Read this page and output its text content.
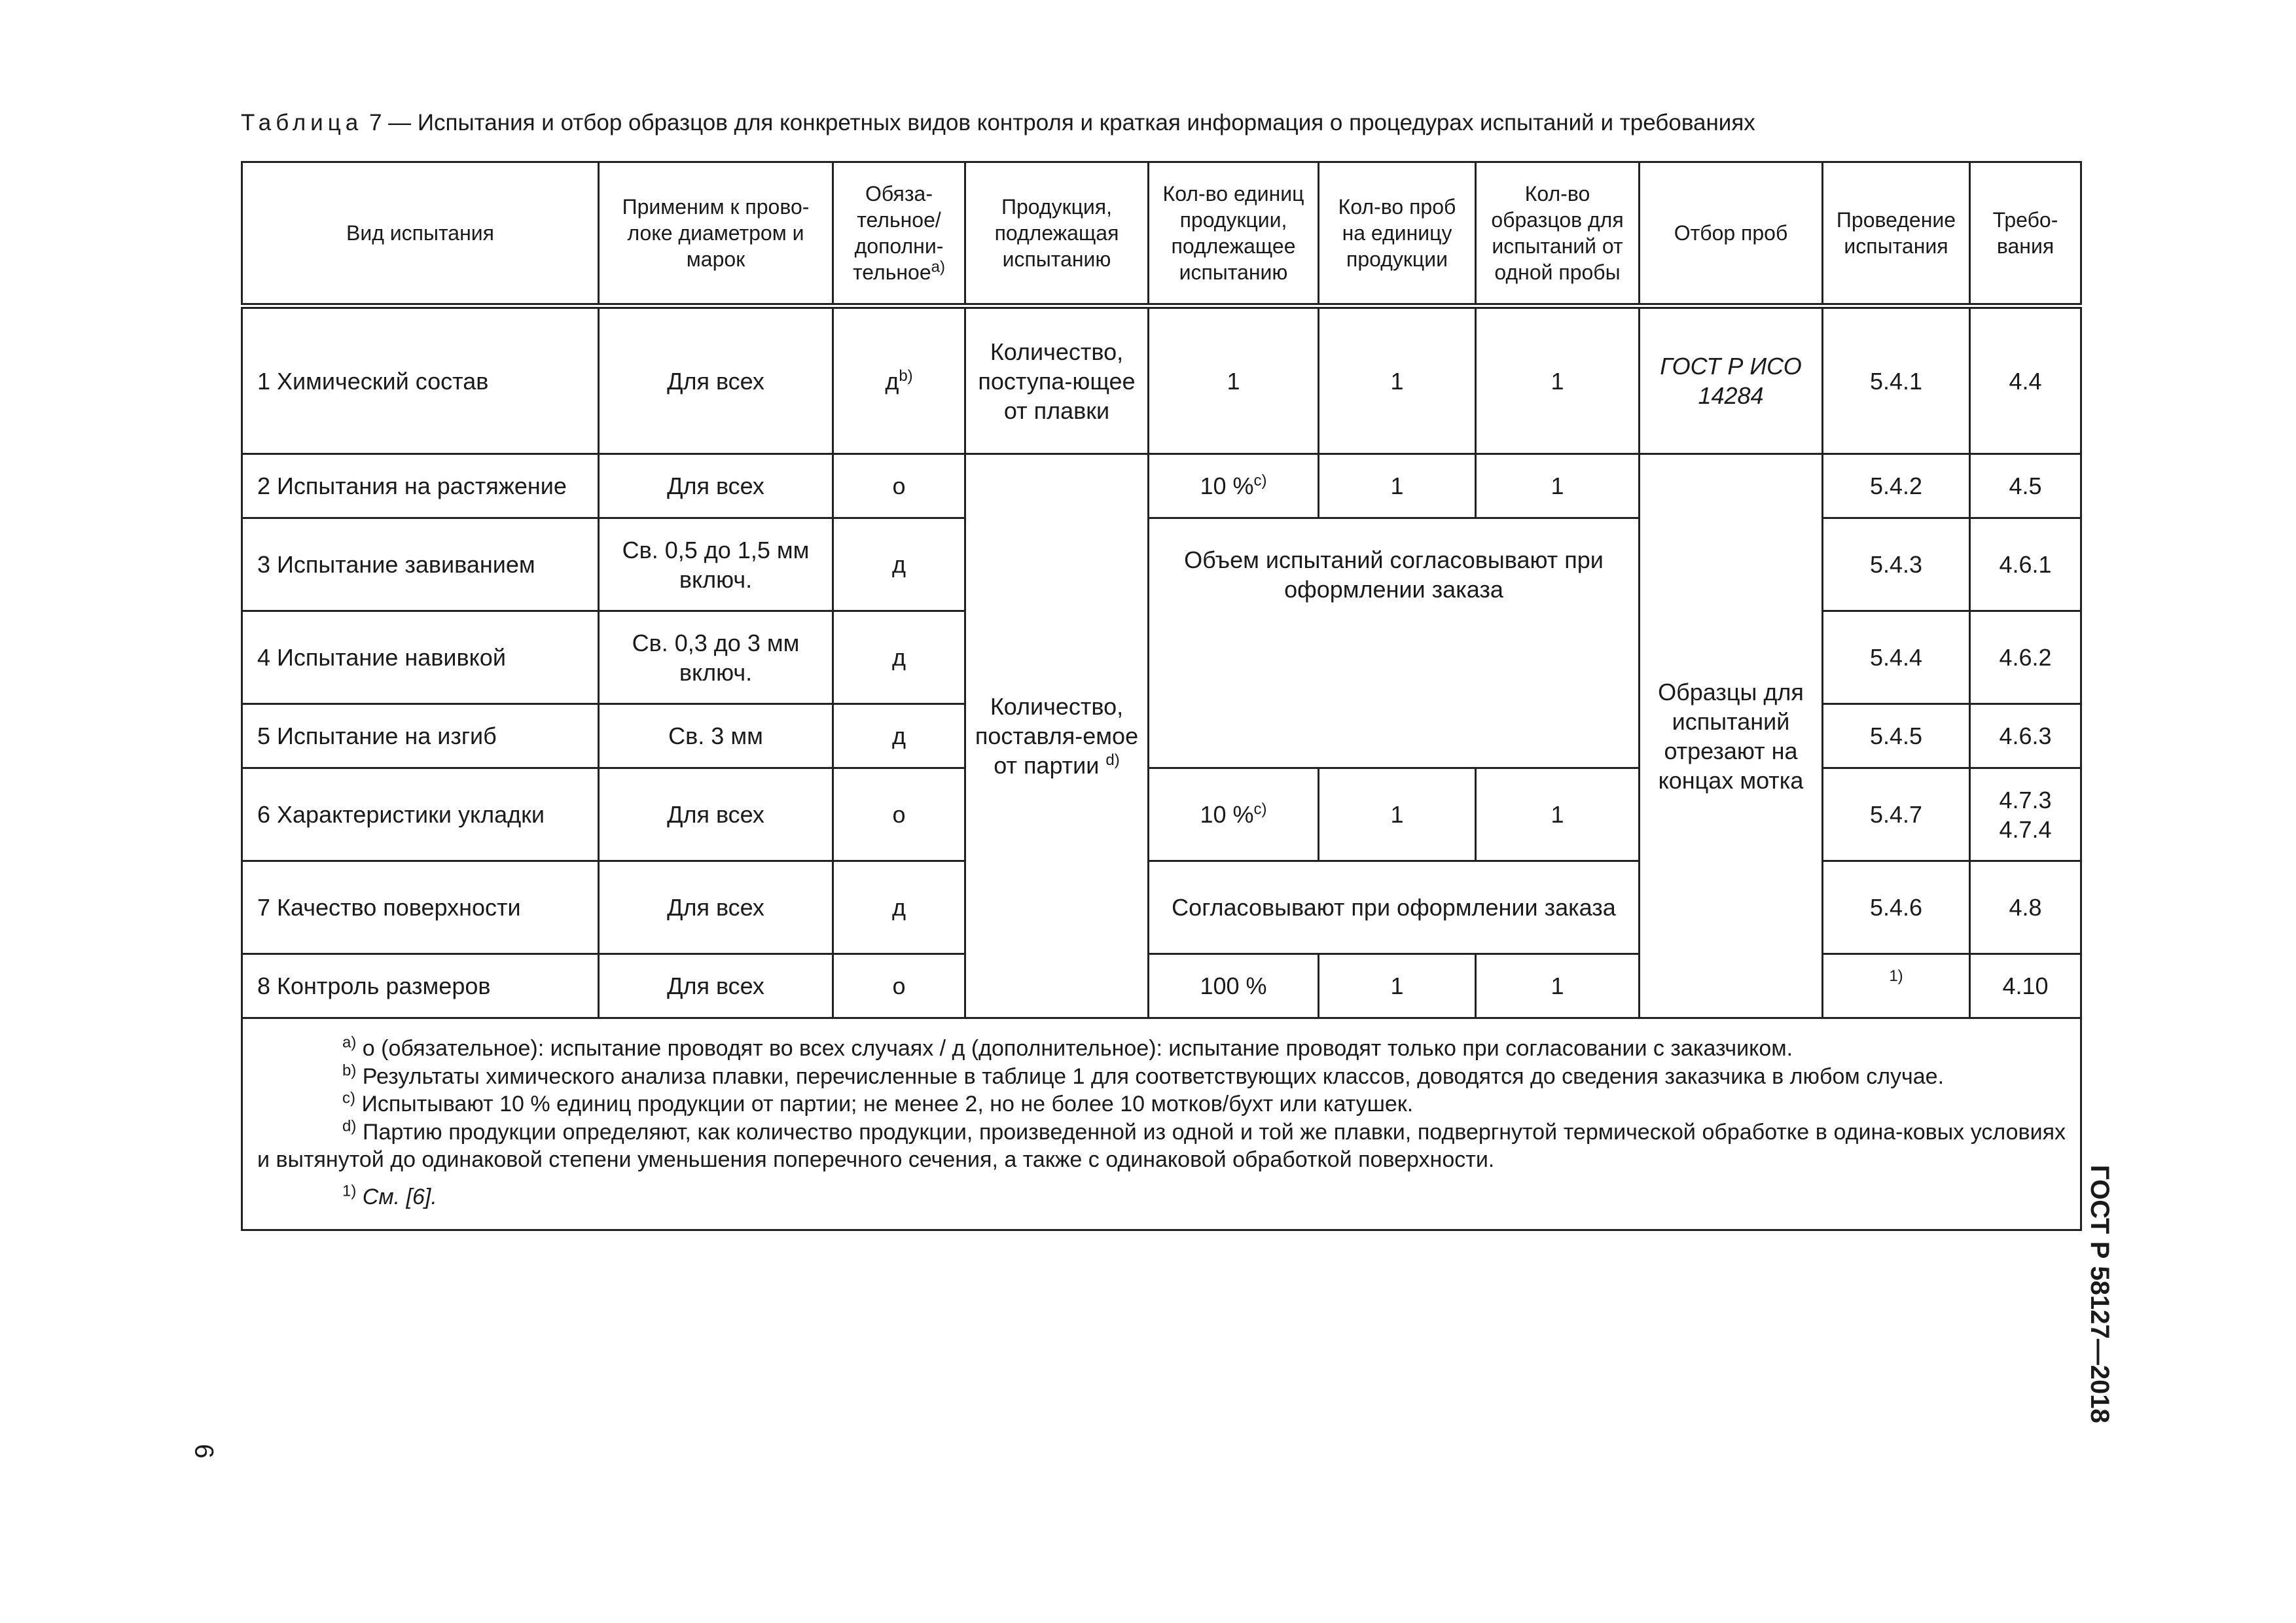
Таблица 7 — Испытания и отбор образцов для конкретных видов контроля и краткая информация о процедурах испытаний и требованиях
Вид испытания	Применим к прово-локе диаметром и марок	Обяза-тельное/ дополни-тельное$^{a)}$	Продукция, подлежащая испытанию	Кол-во единиц продукции, подлежащее испытанию	Кол-во проб на единицу продукции	Кол-во образцов для испытаний от одной пробы	Отбор проб	Проведение испытания	Требо-вания
1 Химический состав	Для всех	$д^{b)}$	Количество, поступа-ющее от плавки	1	1	1	ГОСТ Р ИСО 14284	5.4.1	4.4
2 Испытания на растяжение	Для всех	о	Количество, поставля-емое от партии $^{d)}$	10 %$^{c)}$	1	1	Образцы для испытаний отрезают на концах мотка	5.4.2	4.5
3 Испытание завиванием	Св. 0,5 до 1,5 мм включ.	д		Объем испытаний согласовывают при оформлении заказа				5.4.3	4.6.1
4 Испытание навивкой	Св. 0,3 до 3 мм включ.	д						5.4.4	4.6.2
5 Испытание на изгиб	Св. 3 мм	д						5.4.5	4.6.3
6 Характеристики укладки	Для всех	о		10 %$^{c)}$	1	1		5.4.7	4.7.3 4.7.4
7 Качество поверхности	Для всех	д		Согласовывают при оформлении заказа				5.4.6	4.8
8 Контроль размеров	Для всех	о		100 %	1	1		$^{1)}$	4.10

$^{a)}$ о (обязательное): испытание проводят во всех случаях / д (дополнительное): испытание проводят только при согласовании с заказчиком.

$^{b)}$ Результаты химического анализа плавки, перечисленные в таблице 1 для соответствующих классов, доводятся до сведения заказчика в любом случае.

$^{c)}$ Испытывают 10 % единиц продукции от партии; не менее 2, но не более 10 мотков/бухт или катушек.

$^{d)}$ Партию продукции определяют, как количество продукции, произведенной из одной и той же плавки, подвергнутой термической обработке в одина-ковых условиях и вытянутой до одинаковой степени уменьшения поперечного сечения, а также с одинаковой обработкой поверхности.

$^{1)}$ См. [6].										ГОСТ Р 58127—2018
6
